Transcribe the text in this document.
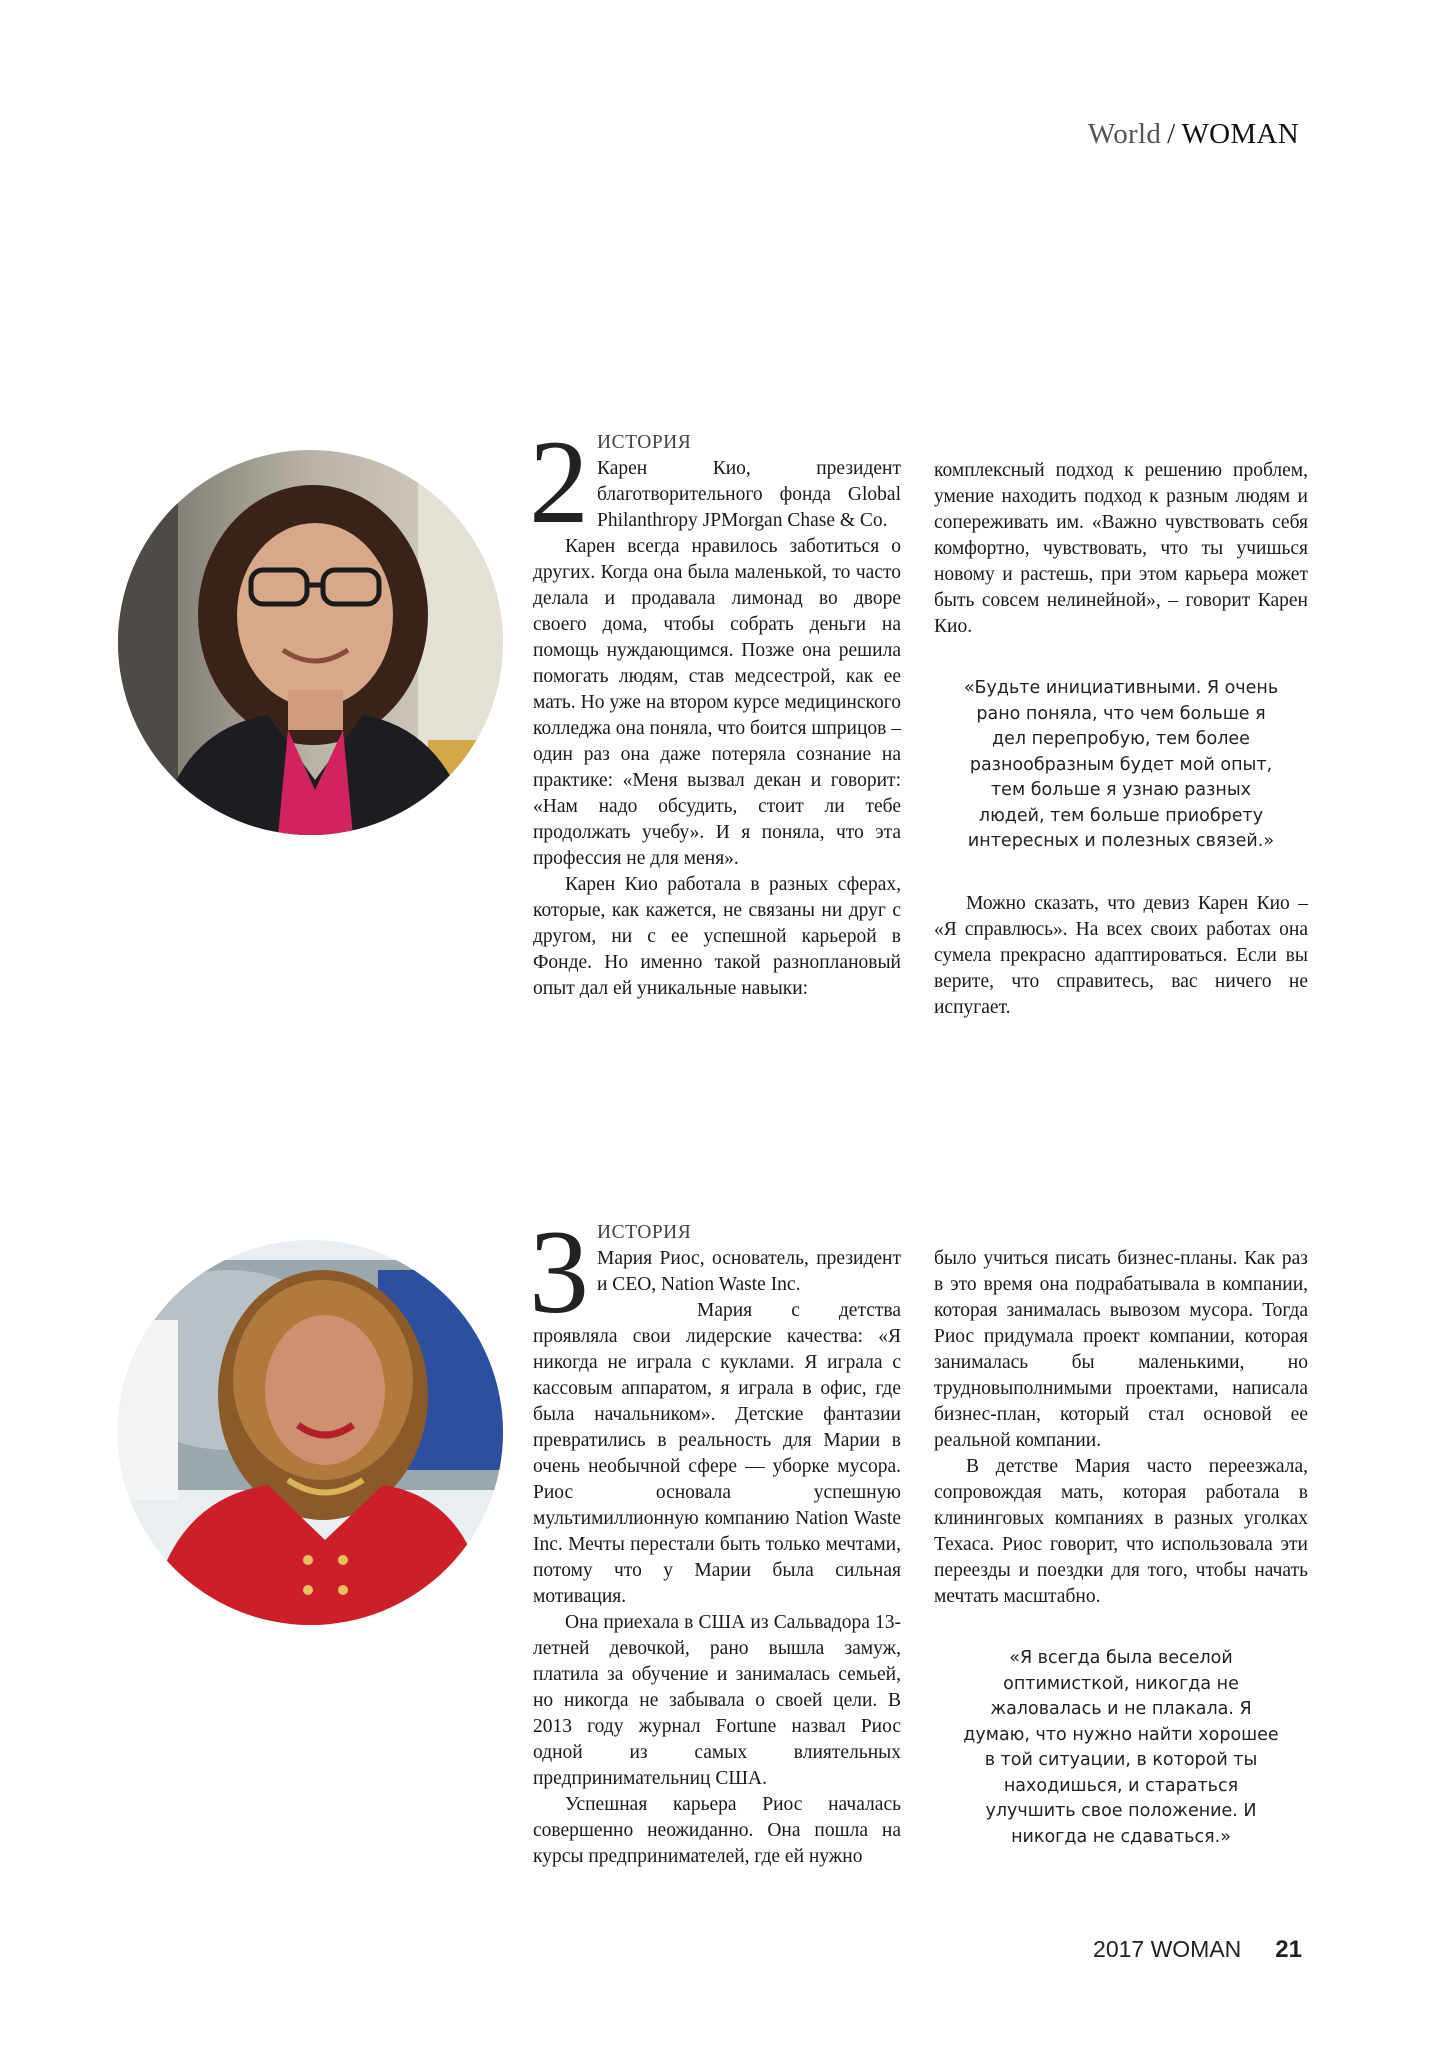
World / WOMAN
2 ИСТОРИЯ

Карен Кио, президент благотворительного фонда Global Philanthropy JPMorgan Chase & Co.

Карен всегда нравилось заботиться о других. Когда она была маленькой, то часто делала и продавала лимонад во дворе своего дома, чтобы собрать деньги на помощь нуждающимся. Позже она решила помогать людям, став медсестрой, как ее мать. Но уже на втором курсе медицинского колледжа она поняла, что боится шприцов – один раз она даже потеряла сознание на практике: «Меня вызвал декан и говорит: «Нам надо обсудить, стоит ли тебе продолжать учебу». И я поняла, что эта профессия не для меня».

Карен Кио работала в разных сферах, которые, как кажется, не связаны ни друг с другом, ни с ее успешной карьерой в Фонде. Но именно такой разноплановый опыт дал ей уникальные навыки:

комплексный подход к решению проблем, умение находить подход к разным людям и сопереживать им. «Важно чувствовать себя комфортно, чувствовать, что ты учишься новому и растешь, при этом карьера может быть совсем нелинейной», – говорит Карен Кио.

«Будьте инициативными. Я очень рано поняла, что чем больше я дел перепробую, тем более разнообразным будет мой опыт, тем больше я узнаю разных людей, тем больше приобрету интересных и полезных связей.»

Можно сказать, что девиз Карен Кио – «Я справлюсь». На всех своих работах она сумела прекрасно адаптироваться. Если вы верите, что справитесь, вас ничего не испугает.

3 ИСТОРИЯ

Мария Риос, основатель, президент и CEO, Nation Waste Inc.

Мария с детства проявляла свои лидерские качества: «Я никогда не играла с куклами. Я играла с кассовым аппаратом, я играла в офис, где была начальником». Детские фантазии превратились в реальность для Марии в очень необычной сфере — уборке мусора. Риос основала успешную мультимиллионную компанию Nation Waste Inc. Мечты перестали быть только мечтами, потому что у Марии была сильная мотивация.

Она приехала в США из Сальвадора 13-летней девочкой, рано вышла замуж, платила за обучение и занималась семьей, но никогда не забывала о своей цели. В 2013 году журнал Fortune назвал Риос одной из самых влиятельных предпринимательниц США.

Успешная карьера Риос началась совершенно неожиданно. Она пошла на курсы предпринимателей, где ей нужно

было учиться писать бизнес-планы. Как раз в это время она подрабатывала в компании, которая занималась вывозом мусора. Тогда Риос придумала проект компании, которая занималась бы маленькими, но трудновыполнимыми проектами, написала бизнес-план, который стал основой ее реальной компании.

В детстве Мария часто переезжала, сопровождая мать, которая работала в клининговых компаниях в разных уголках Техаса. Риос говорит, что использовала эти переезды и поездки для того, чтобы начать мечтать масштабно.

«Я всегда была веселой оптимисткой, никогда не жаловалась и не плакала. Я думаю, что нужно найти хорошее в той ситуации, в которой ты находишься, и стараться улучшить свое положение. И никогда не сдаваться.»

2017 WOMAN 21
